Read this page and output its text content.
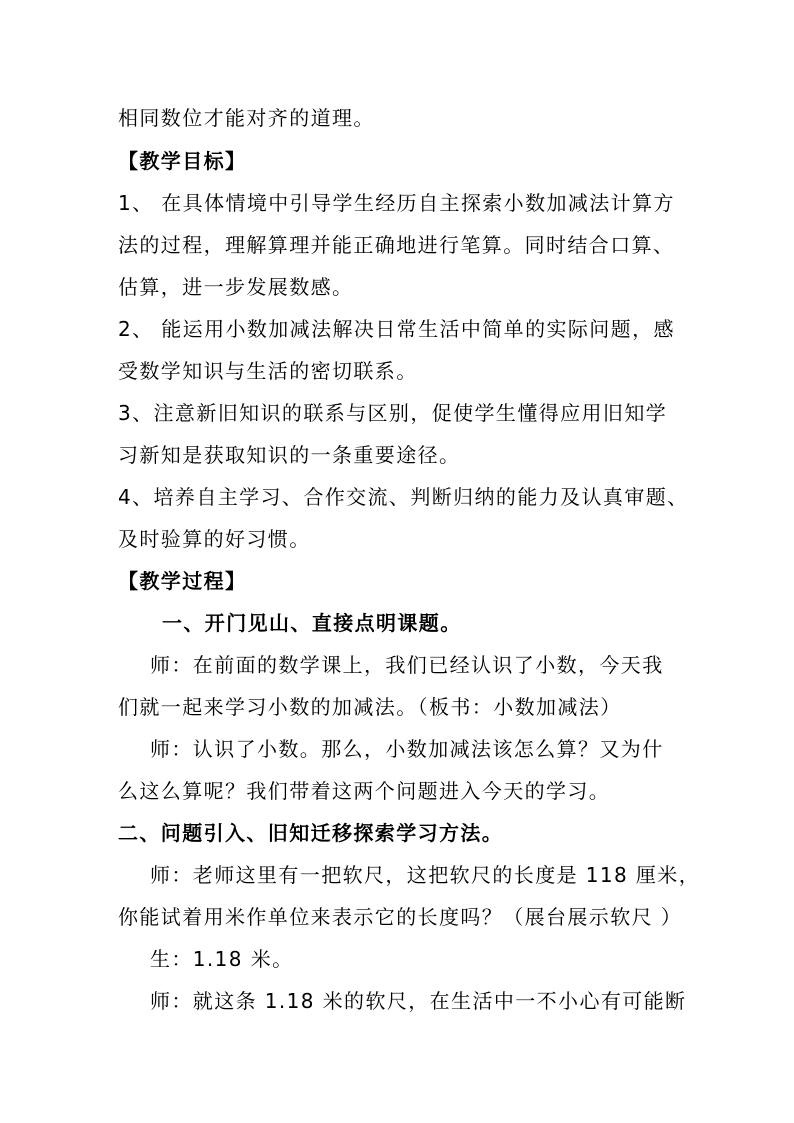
相同数位才能对齐的道理。
【教学目标】
1、 在具体情境中引导学生经历自主探索小数加减法计算方
法的过程，理解算理并能正确地进行笔算。同时结合口算、
估算，进一步发展数感。
2、 能运用小数加减法解决日常生活中简单的实际问题，感
受数学知识与生活的密切联系。
3、注意新旧知识的联系与区别，促使学生懂得应用旧知学
习新知是获取知识的一条重要途径。
4、培养自主学习、合作交流、判断归纳的能力及认真审题、
及时验算的好习惯。
【教学过程】
一、开门见山、直接点明课题。
师：在前面的数学课上，我们已经认识了小数，今天我
们就一起来学习小数的加减法。（板书：小数加减法）
师：认识了小数。那么，小数加减法该怎么算？又为什
么这么算呢？我们带着这两个问题进入今天的学习。
二、问题引入、旧知迁移探索学习方法。
师：老师这里有一把软尺，这把软尺的长度是 118 厘米，
你能试着用米作单位来表示它的长度吗？（展台展示软尺 ）
生：1.18 米。
师：就这条 1.18 米的软尺，在生活中一不小心有可能断
